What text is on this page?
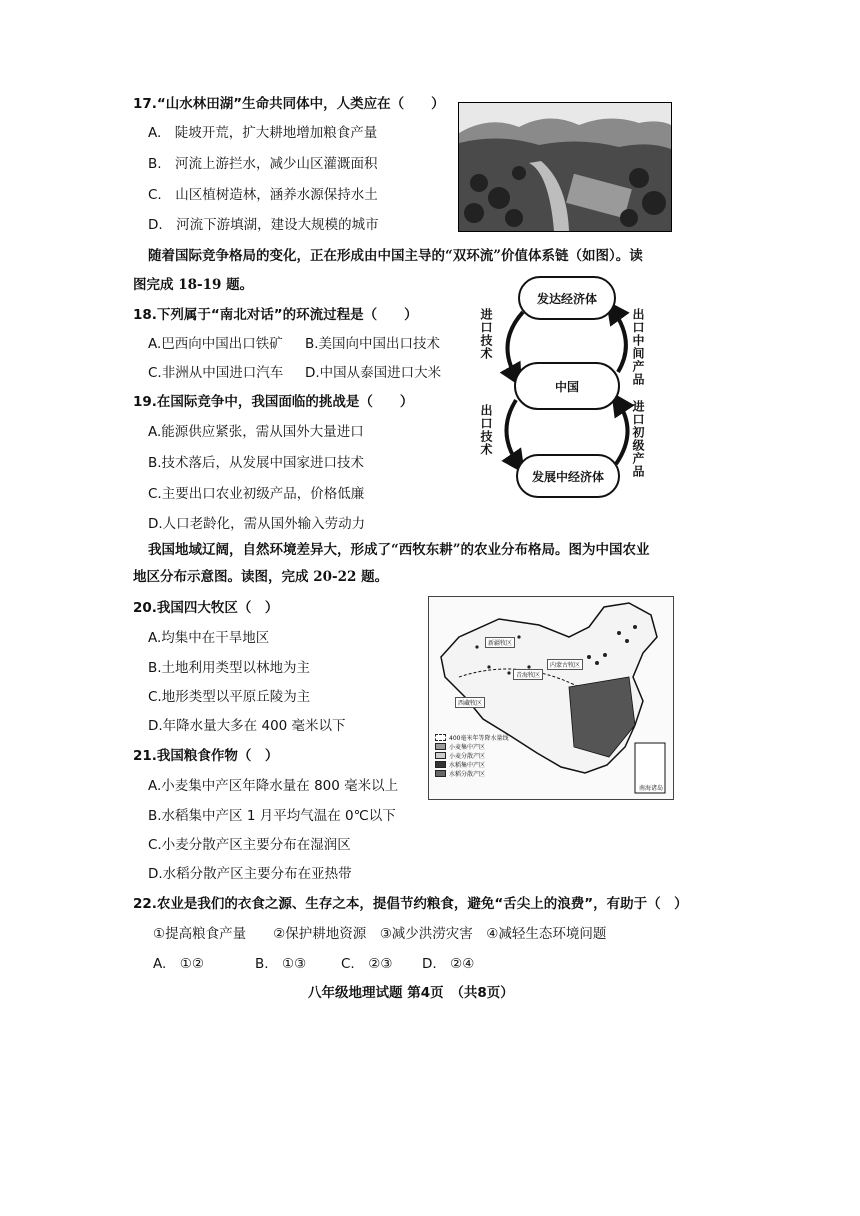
17.“山水林田湖”生命共同体中，人类应在（　　）
A.　陡坡开荒，扩大耕地增加粮食产量
B.　河流上游拦水，减少山区灌溉面积
C.　山区植树造林，涵养水源保持水土
D.　河流下游填湖，建设大规模的城市
随着国际竞争格局的变化，正在形成由中国主导的“双环流”价值体系链（如图）。读
图完成 18-19 题。
18.下列属于“南北对话”的环流过程是（　　）
A.巴西向中国出口铁矿 B.美国向中国出口技术
C.非洲从中国进口汽车 D.中国从泰国进口大米
发达经济体
中国
发展中经济体
进口技术	出口中间产品
出口技术	进口初级产品
19.在国际竞争中，我国面临的挑战是（　　）
A.能源供应紧张，需从国外大量进口
B.技术落后，从发展中国家进口技术
C.主要出口农业初级产品，价格低廉
D.人口老龄化，需从国外输入劳动力
我国地域辽阔，自然环境差异大，形成了“西牧东耕”的农业分布格局。图为中国农业
地区分布示意图。读图，完成 20-22 题。
20.我国四大牧区（　）
A.均集中在干旱地区
B.土地利用类型以林地为主
C.地形类型以平原丘陵为主
D.年降水量大多在 400 毫米以下
新疆牧区
内蒙古牧区
青海牧区
西藏牧区
400毫米年等降水量线
小麦集中产区
小麦分散产区
水稻集中产区
水稻分散产区
南海诸岛
21.我国粮食作物（　）
A.小麦集中产区年降水量在 800 毫米以上
B.水稻集中产区 1 月平均气温在 0℃以下
C.小麦分散产区主要分布在湿润区
D.水稻分散产区主要分布在亚热带
22.农业是我们的衣食之源、生存之本，提倡节约粮食，避免“舌尖上的浪费”，有助于（　）
①提高粮食产量　　②保护耕地资源　③减少洪涝灾害　④减轻生态环境问题
A.　①②	B.　①③	C.　②③ D.　②④
八年级地理试题 第4页　（共8页）
